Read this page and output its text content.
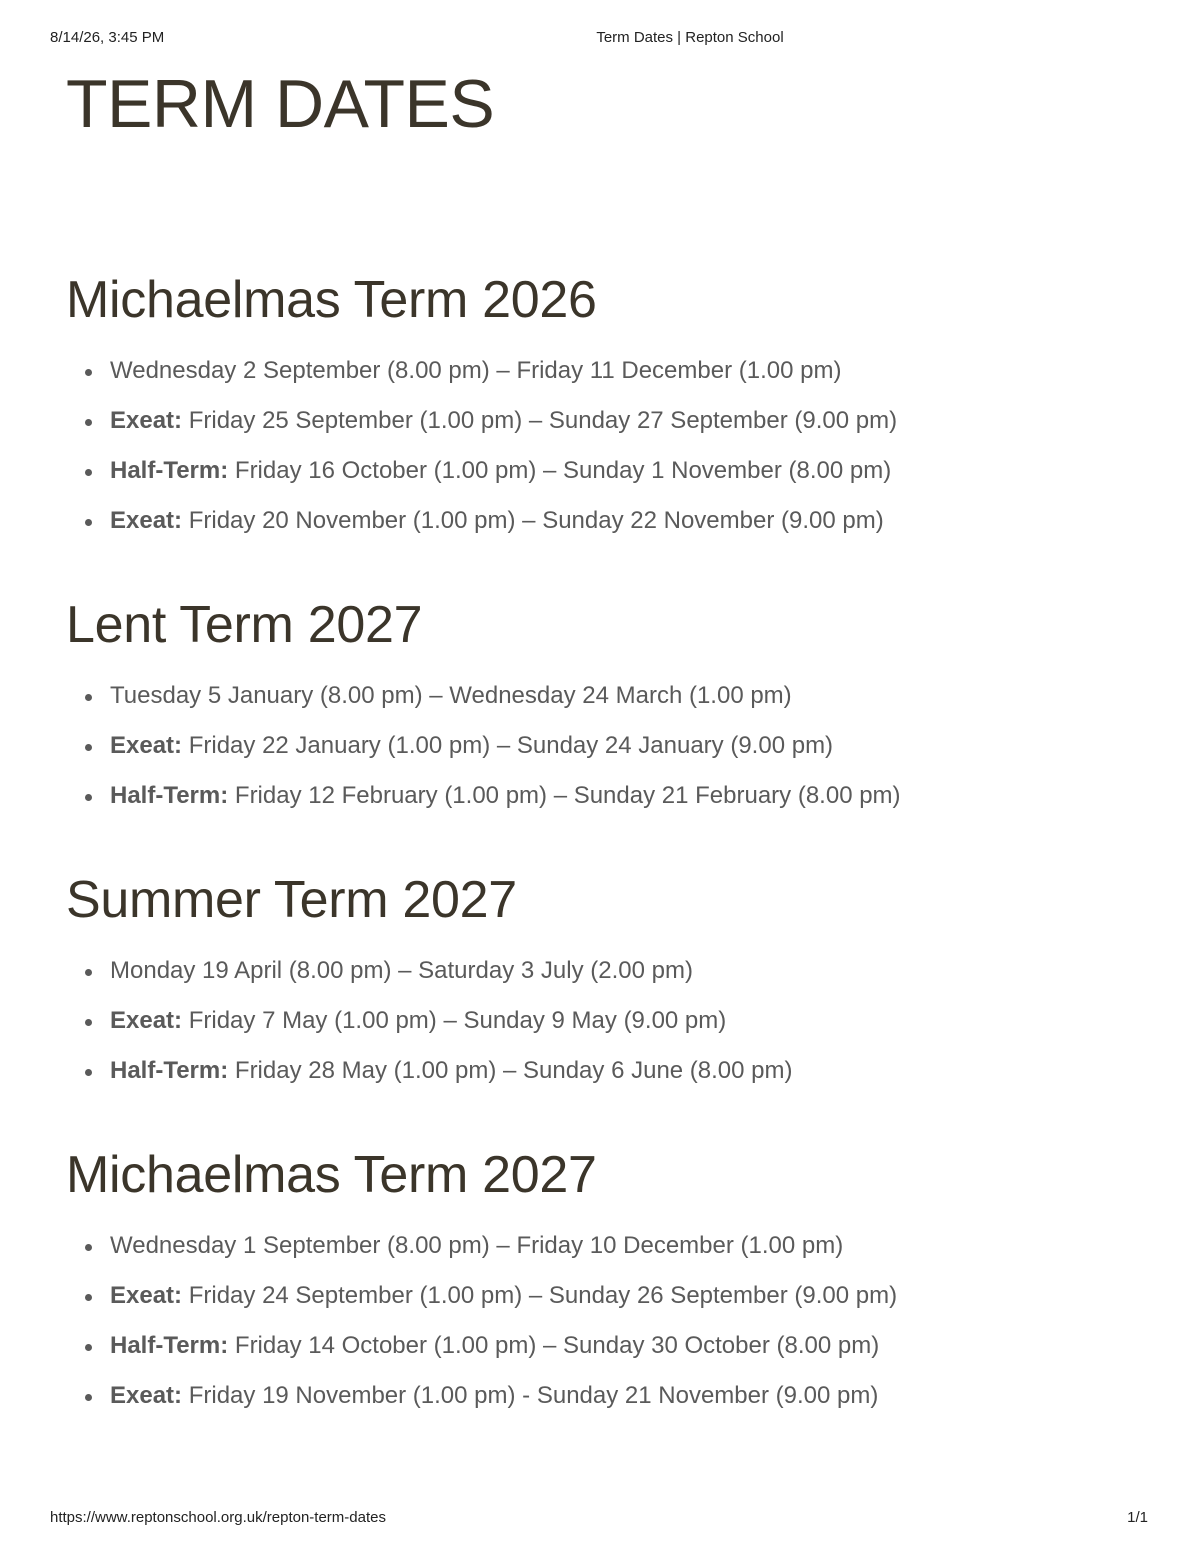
8/14/26, 3:45 PM	Term Dates | Repton School
TERM DATES
Michaelmas Term 2026
Wednesday 2 September (8.00 pm) – Friday 11 December (1.00 pm)
Exeat: Friday 25 September (1.00 pm) – Sunday 27 September (9.00 pm)
Half-Term: Friday 16 October (1.00 pm) – Sunday 1 November (8.00 pm)
Exeat: Friday 20 November (1.00 pm) – Sunday 22 November (9.00 pm)
Lent Term 2027
Tuesday 5 January (8.00 pm) – Wednesday 24 March (1.00 pm)
Exeat: Friday 22 January (1.00 pm) – Sunday 24 January (9.00 pm)
Half-Term: Friday 12 February (1.00 pm) – Sunday 21 February (8.00 pm)
Summer Term 2027
Monday 19 April (8.00 pm) – Saturday 3 July (2.00 pm)
Exeat: Friday 7 May (1.00 pm) – Sunday 9 May (9.00 pm)
Half-Term: Friday 28 May (1.00 pm) – Sunday 6 June (8.00 pm)
Michaelmas Term 2027
Wednesday 1 September (8.00 pm) – Friday 10 December (1.00 pm)
Exeat: Friday 24 September (1.00 pm) – Sunday 26 September (9.00 pm)
Half-Term: Friday 14 October (1.00 pm) – Sunday 30 October (8.00 pm)
Exeat: Friday 19 November (1.00 pm) - Sunday 21 November (9.00 pm)
https://www.reptonschool.org.uk/repton-term-dates	1/1
